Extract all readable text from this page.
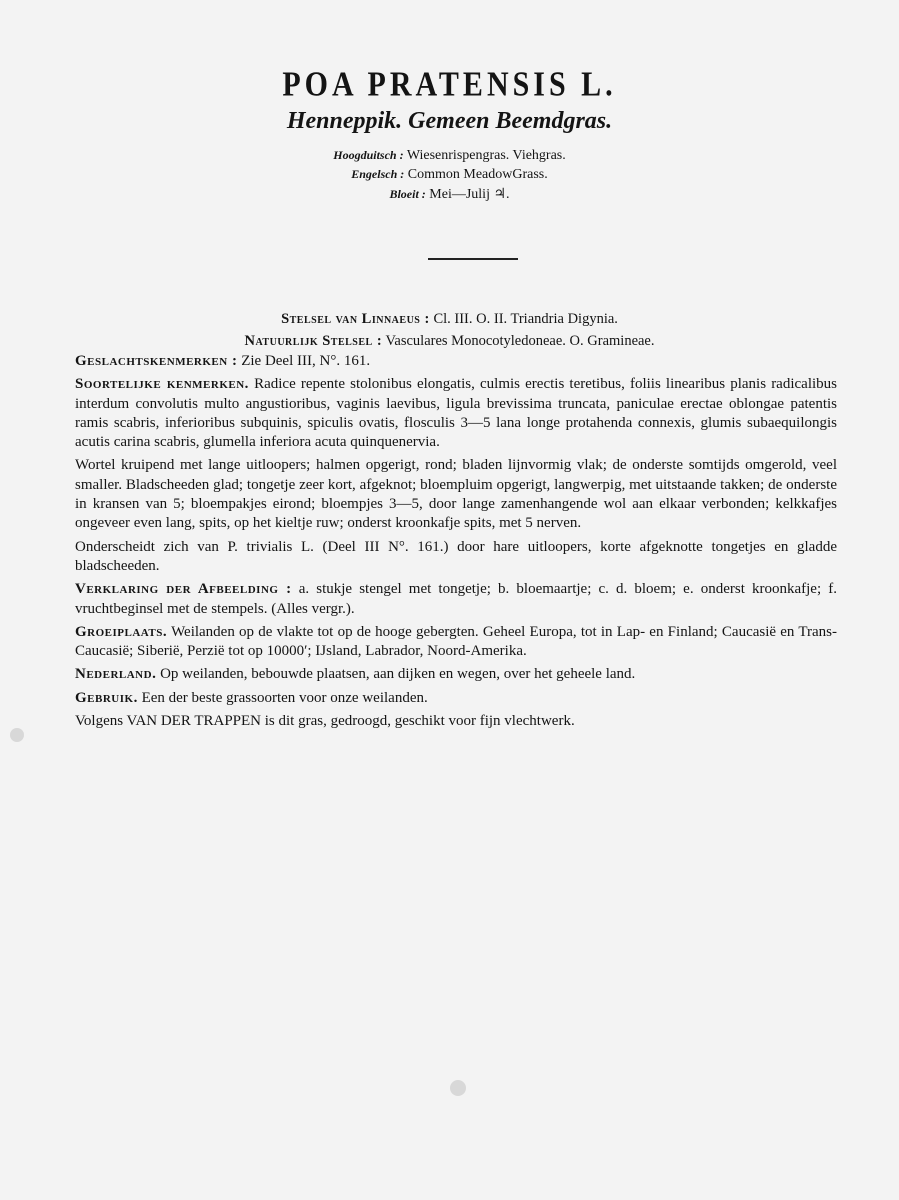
POA PRATENSIS L.
Henneppik. Gemeen Beemdgras.
Hoogduitsch : Wiesenrispengras. Viehgras.
Engelsch : Common MeadowGrass.
Bloeit : Mei—Julij ♃.
Stelsel van Linnaeus : Cl. III. O. II. Triandria Digynia.
Natuurlijk Stelsel : Vasculares Monocotyledoneae. O. Gramineae.

Geslachtskenmerken : Zie Deel III, N°. 161.

Soortelijke kenmerken. Radice repente stolonibus elongatis, culmis erectis teretibus, foliis linearibus planis radicalibus interdum convolutis multo angustioribus, vaginis laevibus, ligula brevissima truncata, paniculae erectae oblongae patentis ramis scabris, inferioribus subquinis, spiculis ovatis, flosculis 3—5 lana longe protahenda connexis, glumis subaequilongis acutis carina scabris, glumella inferiora acuta quinquenervia.

Wortel kruipend met lange uitloopers; halmen opgerigt, rond; bladen lijnvormig vlak; de onderste somtijds omgerold, veel smaller. Bladscheeden glad; tongetje zeer kort, afgeknot; bloempluim opgerigt, langwerpig, met uitstaande takken; de onderste in kransen van 5; bloempakjes eirond; bloempjes 3—5, door lange zamenhangende wol aan elkaar verbonden; kelkkafjes ongeveer even lang, spits, op het kieltje ruw; onderst kroonkafje spits, met 5 nerven.

Onderscheidt zich van P. trivialis L. (Deel III N°. 161.) door hare uitloopers, korte afgeknotte tongetjes en gladde bladscheeden.

Verklaring der Afbeelding : a. stukje stengel met tongetje; b. bloemaartje; c. d. bloem; e. onderst kroonkafje; f. vruchtbeginsel met de stempels. (Alles vergr.).

Groeiplaats. Weilanden op de vlakte tot op de hooge gebergten. Geheel Europa, tot in Lap- en Finland; Caucasië en Trans-Caucasië; Siberië, Perzië tot op 10000′; IJsland, Labrador, Noord-Amerika.

Nederland. Op weilanden, bebouwde plaatsen, aan dijken en wegen, over het geheele land.

Gebruik. Een der beste grassoorten voor onze weilanden.

Volgens VAN DER TRAPPEN is dit gras, gedroogd, geschikt voor fijn vlechtwerk.
